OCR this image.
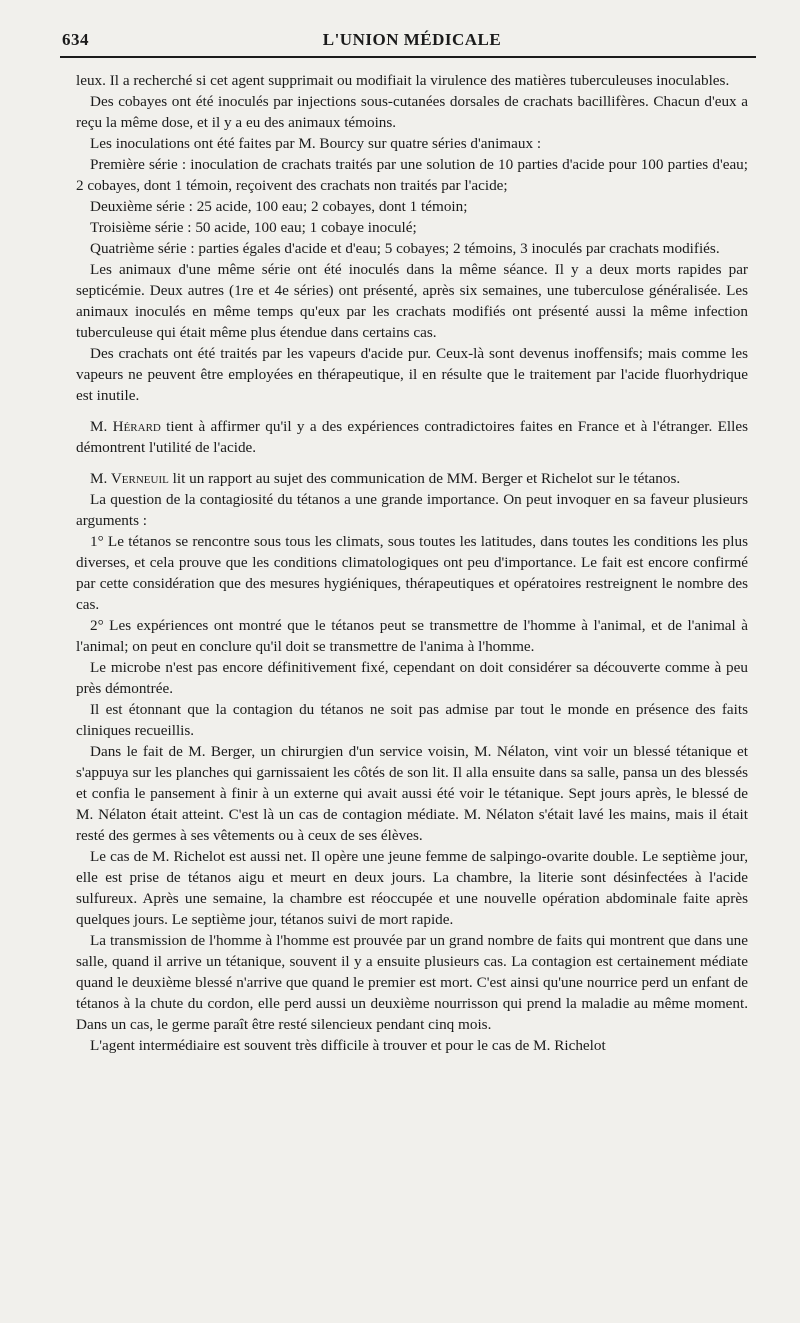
634	L'UNION MÉDICALE

leux. Il a recherché si cet agent supprimait ou modifiait la virulence des matières tuberculeuses inoculables.

Des cobayes ont été inoculés par injections sous-cutanées dorsales de crachats bacillifères. Chacun d'eux a reçu la même dose, et il y a eu des animaux témoins.

Les inoculations ont été faites par M. Bourcy sur quatre séries d'animaux :

Première série : inoculation de crachats traités par une solution de 10 parties d'acide pour 100 parties d'eau; 2 cobayes, dont 1 témoin, reçoivent des crachats non traités par l'acide;

Deuxième série : 25 acide, 100 eau; 2 cobayes, dont 1 témoin;

Troisième série : 50 acide, 100 eau; 1 cobaye inoculé;

Quatrième série : parties égales d'acide et d'eau; 5 cobayes; 2 témoins, 3 inoculés par crachats modifiés.

Les animaux d'une même série ont été inoculés dans la même séance. Il y a deux morts rapides par septicémie. Deux autres (1re et 4e séries) ont présenté, après six semaines, une tuberculose généralisée. Les animaux inoculés en même temps qu'eux par les crachats modifiés ont présenté aussi la même infection tuberculeuse qui était même plus étendue dans certains cas.

Des crachats ont été traités par les vapeurs d'acide pur. Ceux-là sont devenus inoffensifs; mais comme les vapeurs ne peuvent être employées en thérapeutique, il en résulte que le traitement par l'acide fluorhydrique est inutile.

M. Hérard tient à affirmer qu'il y a des expériences contradictoires faites en France et à l'étranger. Elles démontrent l'utilité de l'acide.

M. Verneuil lit un rapport au sujet des communication de MM. Berger et Richelot sur le tétanos.

La question de la contagiosité du tétanos a une grande importance. On peut invoquer en sa faveur plusieurs arguments :

1° Le tétanos se rencontre sous tous les climats, sous toutes les latitudes, dans toutes les conditions les plus diverses, et cela prouve que les conditions climatologiques ont peu d'importance. Le fait est encore confirmé par cette considération que des mesures hygiéniques, thérapeutiques et opératoires restreignent le nombre des cas.

2° Les expériences ont montré que le tétanos peut se transmettre de l'homme à l'animal, et de l'animal à l'animal; on peut en conclure qu'il doit se transmettre de l'anima à l'homme.

Le microbe n'est pas encore définitivement fixé, cependant on doit considérer sa découverte comme à peu près démontrée.

Il est étonnant que la contagion du tétanos ne soit pas admise par tout le monde en présence des faits cliniques recueillis.

Dans le fait de M. Berger, un chirurgien d'un service voisin, M. Nélaton, vint voir un blessé tétanique et s'appuya sur les planches qui garnissaient les côtés de son lit. Il alla ensuite dans sa salle, pansa un des blessés et confia le pansement à finir à un externe qui avait aussi été voir le tétanique. Sept jours après, le blessé de M. Nélaton était atteint. C'est là un cas de contagion médiate. M. Nélaton s'était lavé les mains, mais il était resté des germes à ses vêtements ou à ceux de ses élèves.

Le cas de M. Richelot est aussi net. Il opère une jeune femme de salpingo-ovarite double. Le septième jour, elle est prise de tétanos aigu et meurt en deux jours. La chambre, la literie sont désinfectées à l'acide sulfureux. Après une semaine, la chambre est réoccupée et une nouvelle opération abdominale faite après quelques jours. Le septième jour, tétanos suivi de mort rapide.

La transmission de l'homme à l'homme est prouvée par un grand nombre de faits qui montrent que dans une salle, quand il arrive un tétanique, souvent il y a ensuite plusieurs cas. La contagion est certainement médiate quand le deuxième blessé n'arrive que quand le premier est mort. C'est ainsi qu'une nourrice perd un enfant de tétanos à la chute du cordon, elle perd aussi un deuxième nourrisson qui prend la maladie au même moment. Dans un cas, le germe paraît être resté silencieux pendant cinq mois.

L'agent intermédiaire est souvent très difficile à trouver et pour le cas de M. Richelot
